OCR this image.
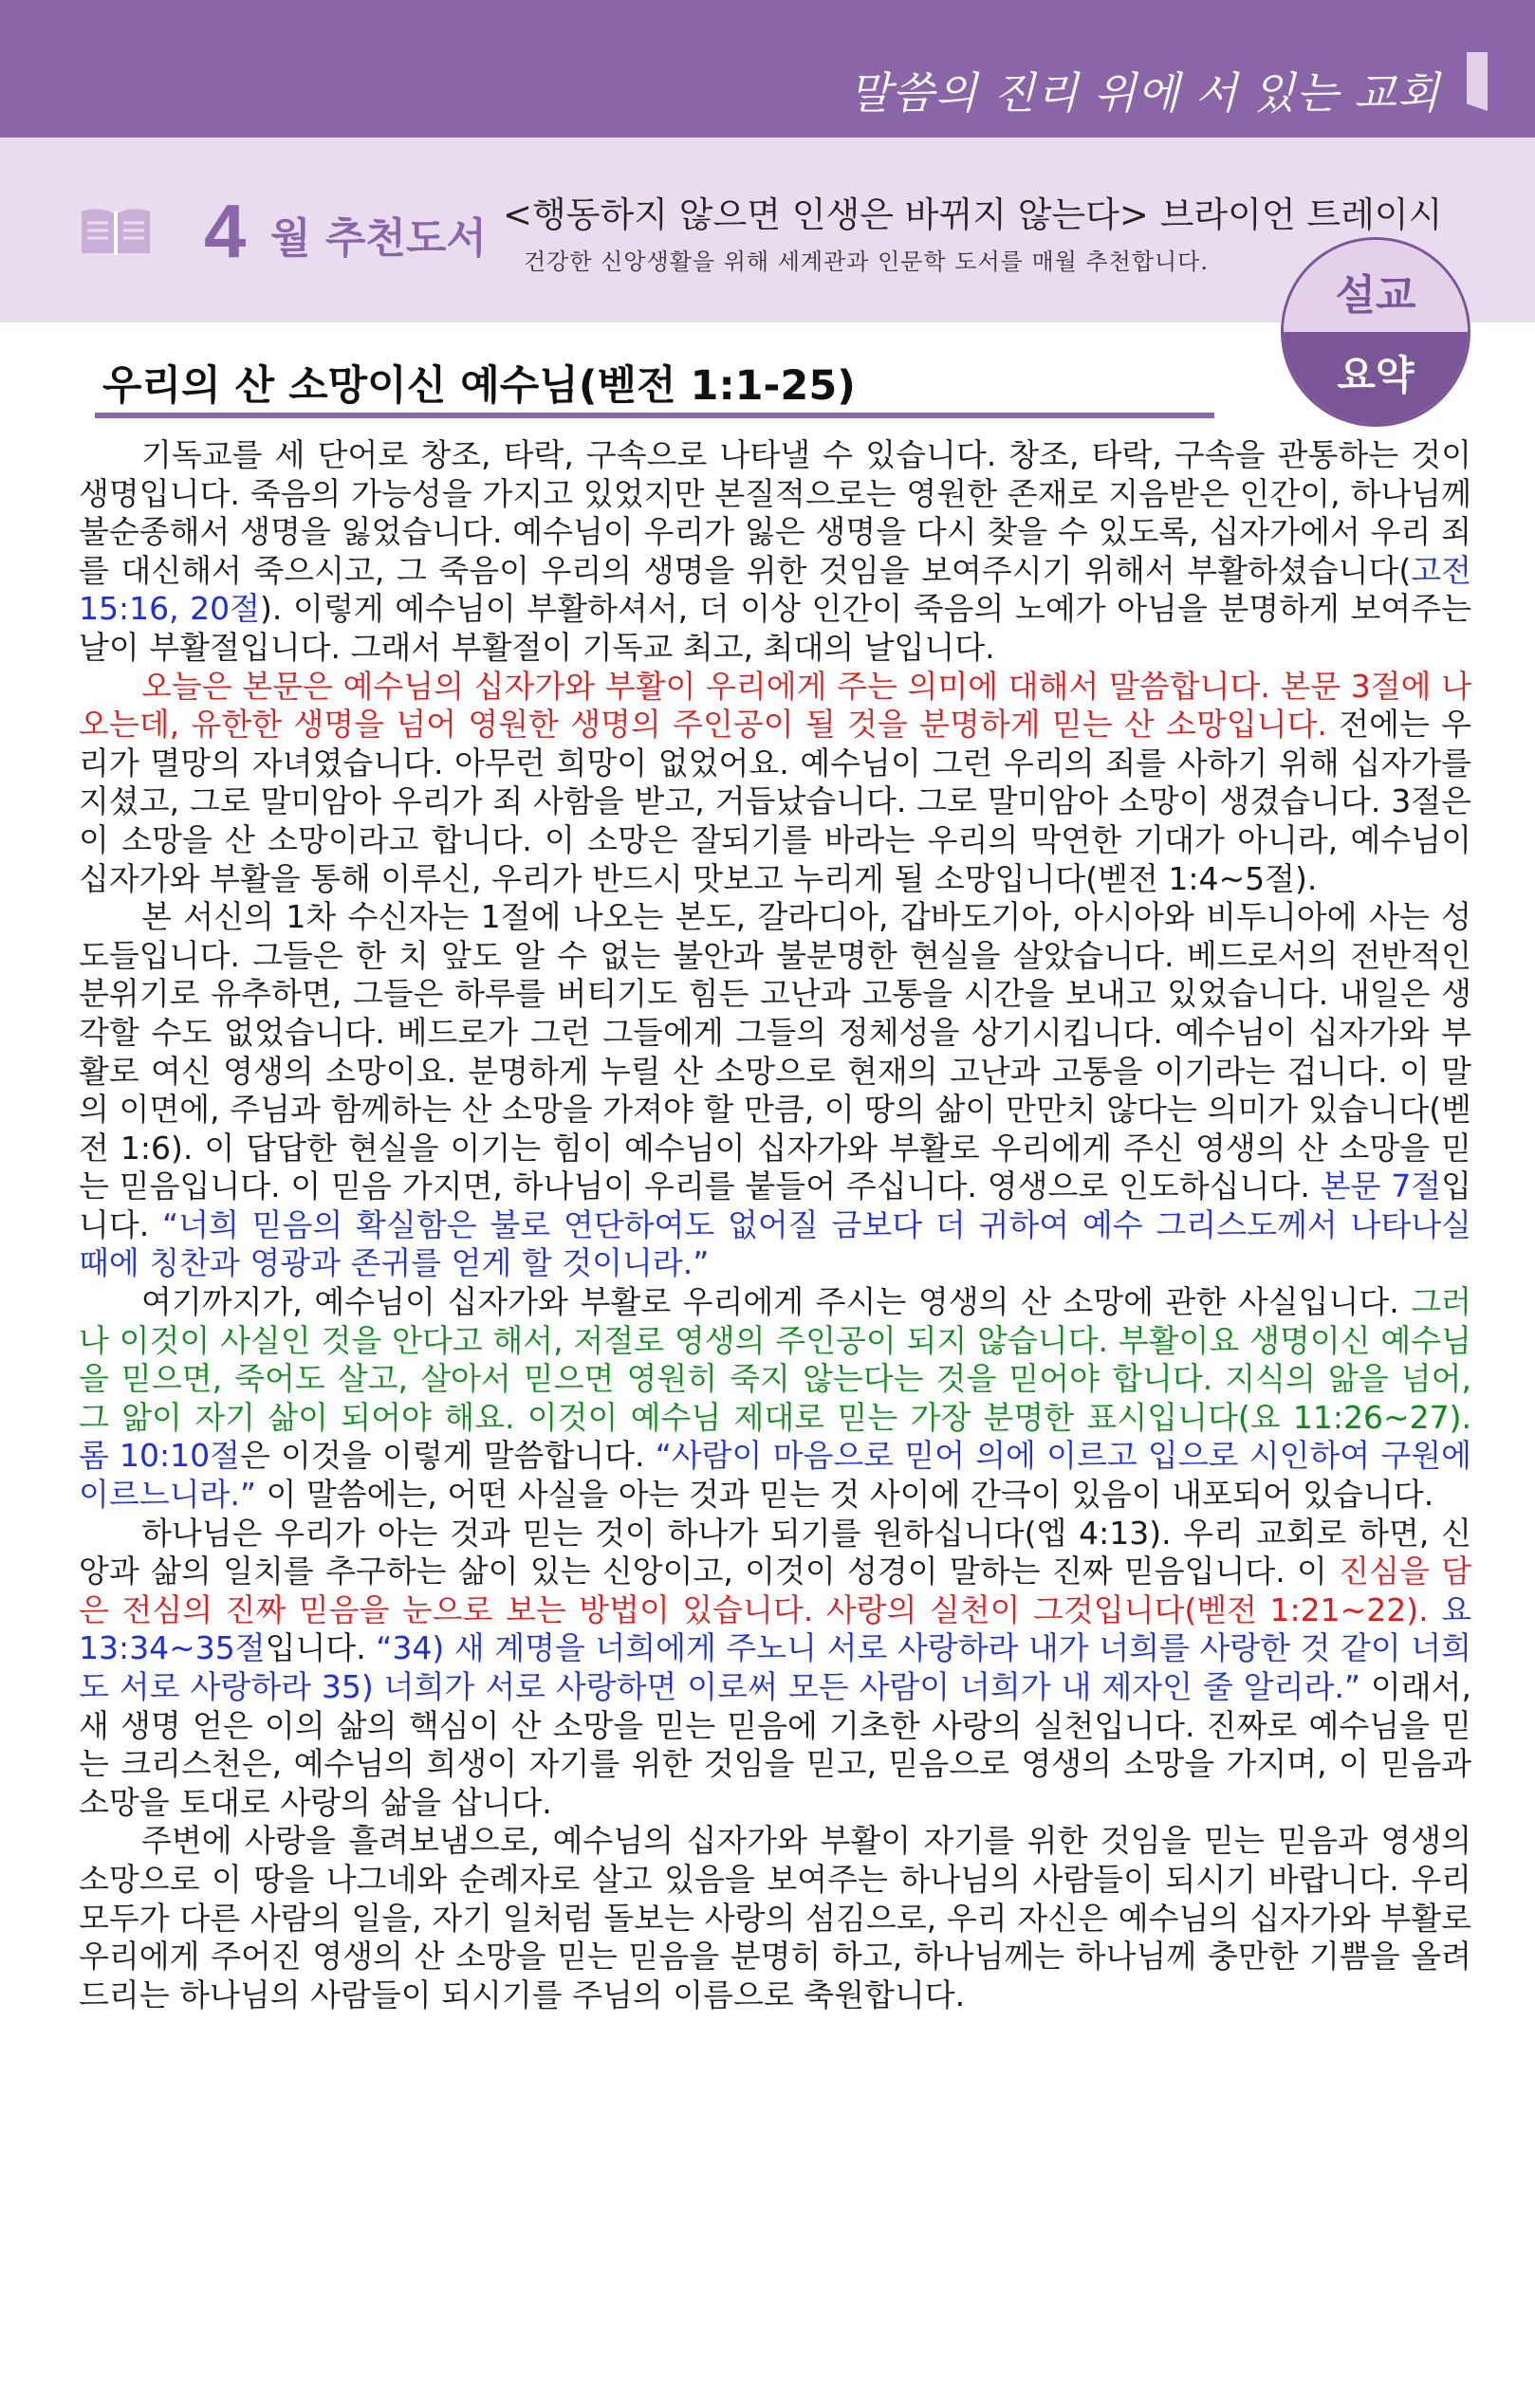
말씀의 진리 위에 서 있는 교회
4 월 추천도서 <행동하지 않으면 인생은 바뀌지 않는다> 브라이언 트레이시
건강한 신앙생활을 위해 세계관과 인문학 도서를 매월 추천합니다.
설교
요약
우리의 산 소망이신 예수님(벧전 1:1-25)

기독교를 세 단어로 창조, 타락, 구속으로 나타낼 수 있습니다. 창조, 타락, 구속을 관통하는 것이 생명입니다. 죽음의 가능성을 가지고 있었지만 본질적으로는 영원한 존재로 지음받은 인간이, 하나님께 불순종해서 생명을 잃었습니다. 예수님이 우리가 잃은 생명을 다시 찾을 수 있도록, 십자가에서 우리 죄를 대신해서 죽으시고, 그 죽음이 우리의 생명을 위한 것임을 보여주시기 위해서 부활하셨습니다(고전 15:16, 20절). 이렇게 예수님이 부활하셔서, 더 이상 인간이 죽음의 노예가 아님을 분명하게 보여주는 날이 부활절입니다. 그래서 부활절이 기독교 최고, 최대의 날입니다.

오늘은 본문은 예수님의 십자가와 부활이 우리에게 주는 의미에 대해서 말씀합니다. 본문 3절에 나오는데, 유한한 생명을 넘어 영원한 생명의 주인공이 될 것을 분명하게 믿는 산 소망입니다. 전에는 우리가 멸망의 자녀였습니다. 아무런 희망이 없었어요. 예수님이 그런 우리의 죄를 사하기 위해 십자가를 지셨고, 그로 말미암아 우리가 죄 사함을 받고, 거듭났습니다. 그로 말미암아 소망이 생겼습니다. 3절은 이 소망을 산 소망이라고 합니다. 이 소망은 잘되기를 바라는 우리의 막연한 기대가 아니라, 예수님이 십자가와 부활을 통해 이루신, 우리가 반드시 맛보고 누리게 될 소망입니다(벧전 1:4~5절).

본 서신의 1차 수신자는 1절에 나오는 본도, 갈라디아, 갑바도기아, 아시아와 비두니아에 사는 성도들입니다. 그들은 한 치 앞도 알 수 없는 불안과 불분명한 현실을 살았습니다. 베드로서의 전반적인 분위기로 유추하면, 그들은 하루를 버티기도 힘든 고난과 고통을 시간을 보내고 있었습니다. 내일은 생각할 수도 없었습니다. 베드로가 그런 그들에게 그들의 정체성을 상기시킵니다. 예수님이 십자가와 부활로 여신 영생의 소망이요. 분명하게 누릴 산 소망으로 현재의 고난과 고통을 이기라는 겁니다. 이 말의 이면에, 주님과 함께하는 산 소망을 가져야 할 만큼, 이 땅의 삶이 만만치 않다는 의미가 있습니다(벧전 1:6). 이 답답한 현실을 이기는 힘이 예수님이 십자가와 부활로 우리에게 주신 영생의 산 소망을 믿는 믿음입니다. 이 믿음 가지면, 하나님이 우리를 붙들어 주십니다. 영생으로 인도하십니다. 본문 7절입니다. “너희 믿음의 확실함은 불로 연단하여도 없어질 금보다 더 귀하여 예수 그리스도께서 나타나실 때에 칭찬과 영광과 존귀를 얻게 할 것이니라.”

여기까지가, 예수님이 십자가와 부활로 우리에게 주시는 영생의 산 소망에 관한 사실입니다. 그러나 이것이 사실인 것을 안다고 해서, 저절로 영생의 주인공이 되지 않습니다. 부활이요 생명이신 예수님을 믿으면, 죽어도 살고, 살아서 믿으면 영원히 죽지 않는다는 것을 믿어야 합니다. 지식의 앎을 넘어, 그 앎이 자기 삶이 되어야 해요. 이것이 예수님 제대로 믿는 가장 분명한 표시입니다(요 11:26~27). 롬 10:10절은 이것을 이렇게 말씀합니다. “사람이 마음으로 믿어 의에 이르고 입으로 시인하여 구원에 이르느니라.” 이 말씀에는, 어떤 사실을 아는 것과 믿는 것 사이에 간극이 있음이 내포되어 있습니다.

하나님은 우리가 아는 것과 믿는 것이 하나가 되기를 원하십니다(엡 4:13). 우리 교회로 하면, 신앙과 삶의 일치를 추구하는 삶이 있는 신앙이고, 이것이 성경이 말하는 진짜 믿음입니다. 이 진심을 담은 전심의 진짜 믿음을 눈으로 보는 방법이 있습니다. 사랑의 실천이 그것입니다(벧전 1:21~22). 요 13:34~35절입니다. “34) 새 계명을 너희에게 주노니 서로 사랑하라 내가 너희를 사랑한 것 같이 너희도 서로 사랑하라 35) 너희가 서로 사랑하면 이로써 모든 사람이 너희가 내 제자인 줄 알리라.” 이래서, 새 생명 얻은 이의 삶의 핵심이 산 소망을 믿는 믿음에 기초한 사랑의 실천입니다. 진짜로 예수님을 믿는 크리스천은, 예수님의 희생이 자기를 위한 것임을 믿고, 믿음으로 영생의 소망을 가지며, 이 믿음과 소망을 토대로 사랑의 삶을 삽니다.

주변에 사랑을 흘려보냄으로, 예수님의 십자가와 부활이 자기를 위한 것임을 믿는 믿음과 영생의 소망으로 이 땅을 나그네와 순례자로 살고 있음을 보여주는 하나님의 사람들이 되시기 바랍니다. 우리 모두가 다른 사람의 일을, 자기 일처럼 돌보는 사랑의 섬김으로, 우리 자신은 예수님의 십자가와 부활로 우리에게 주어진 영생의 산 소망을 믿는 믿음을 분명히 하고, 하나님께는 하나님께 충만한 기쁨을 올려드리는 하나님의 사람들이 되시기를 주님의 이름으로 축원합니다.
